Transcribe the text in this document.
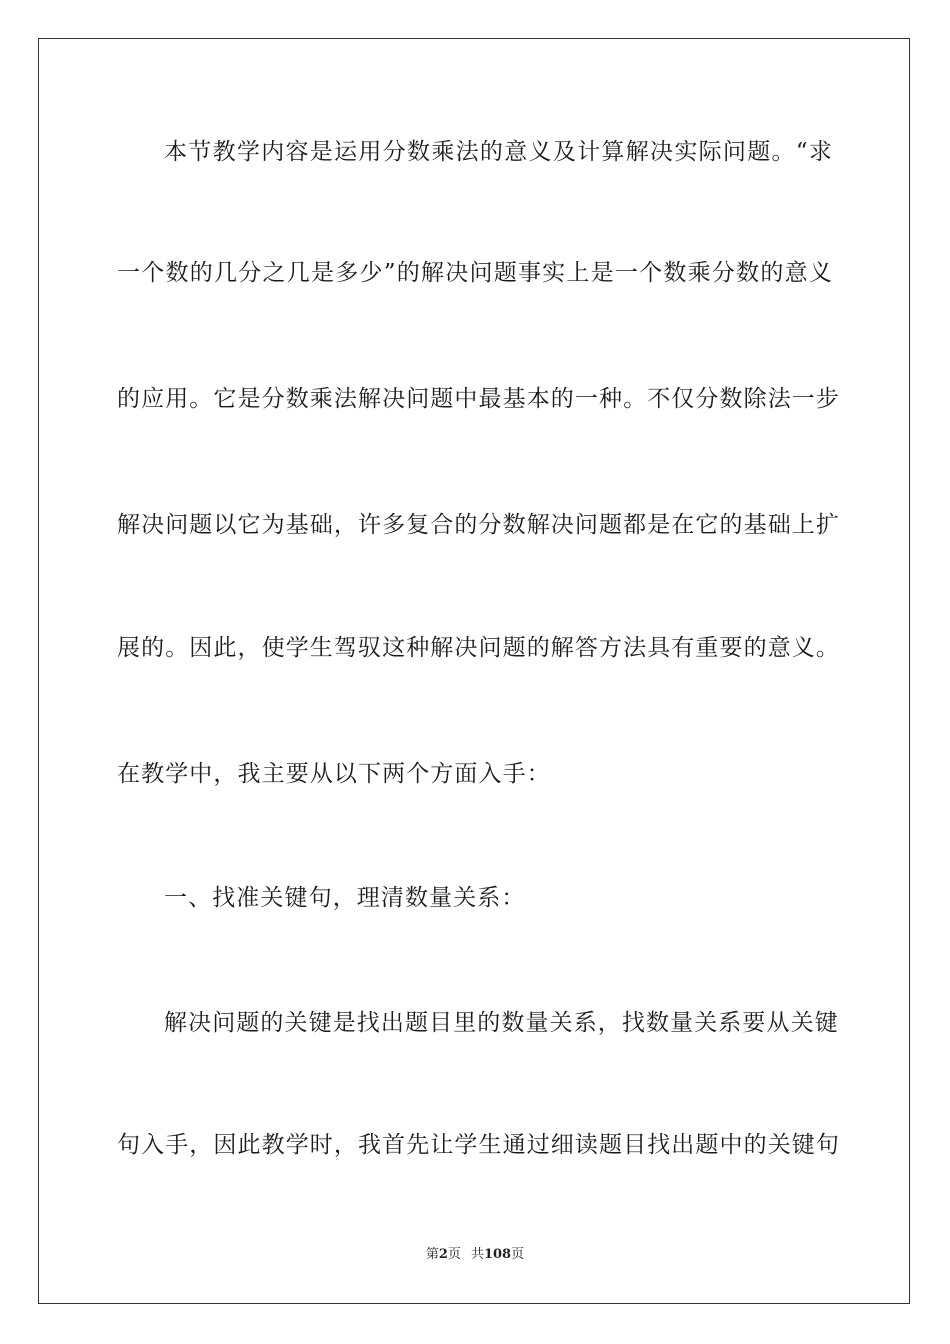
本节教学内容是运用分数乘法的意义及计算解决实际问题。“求
一个数的几分之几是多少”的解决问题事实上是一个数乘分数的意义
的应用。它是分数乘法解决问题中最基本的一种。不仅分数除法一步
解决问题以它为基础，许多复合的分数解决问题都是在它的基础上扩
展的。因此，使学生驾驭这种解决问题的解答方法具有重要的意义。
在教学中，我主要从以下两个方面入手：
一、找准关键句，理清数量关系：
解决问题的关键是找出题目里的数量关系，找数量关系要从关键
句入手，因此教学时，我首先让学生通过细读题目找出题中的关键句
第2页 共108页
